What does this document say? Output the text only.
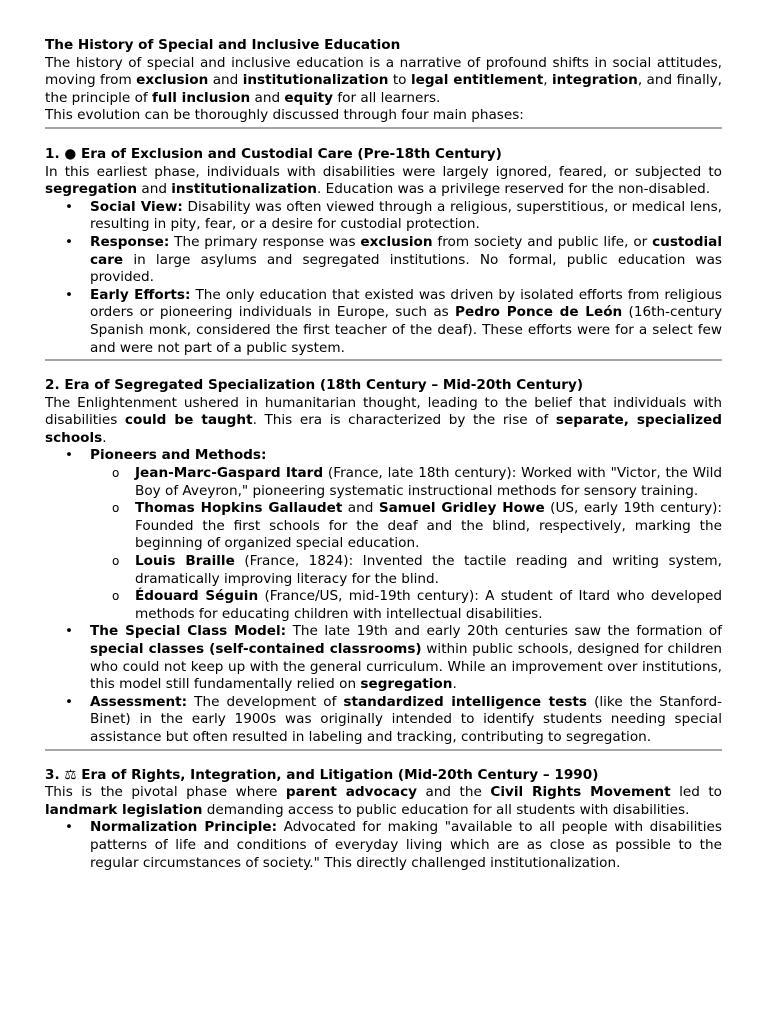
The History of Special and Inclusive Education

The history of special and inclusive education is a narrative of profound shifts in social attitudes, moving from exclusion and institutionalization to legal entitlement, integration, and finally, the principle of full inclusion and equity for all learners.

This evolution can be thoroughly discussed through four main phases:

1. ● Era of Exclusion and Custodial Care (Pre-18th Century)

In this earliest phase, individuals with disabilities were largely ignored, feared, or subjected to segregation and institutionalization. Education was a privilege reserved for the non-disabled.

• Social View: Disability was often viewed through a religious, superstitious, or medical lens, resulting in pity, fear, or a desire for custodial protection.
• Response: The primary response was exclusion from society and public life, or custodial care in large asylums and segregated institutions. No formal, public education was provided.
• Early Efforts: The only education that existed was driven by isolated efforts from religious orders or pioneering individuals in Europe, such as Pedro Ponce de León (16th-century Spanish monk, considered the first teacher of the deaf). These efforts were for a select few and were not part of a public system.

2. Era of Segregated Specialization (18th Century – Mid-20th Century)

The Enlightenment ushered in humanitarian thought, leading to the belief that individuals with disabilities could be taught. This era is characterized by the rise of separate, specialized schools.

• Pioneers and Methods:
o Jean-Marc-Gaspard Itard (France, late 18th century): Worked with "Victor, the Wild Boy of Aveyron," pioneering systematic instructional methods for sensory training.
o Thomas Hopkins Gallaudet and Samuel Gridley Howe (US, early 19th century): Founded the first schools for the deaf and the blind, respectively, marking the beginning of organized special education.
o Louis Braille (France, 1824): Invented the tactile reading and writing system, dramatically improving literacy for the blind.
o Édouard Séguin (France/US, mid-19th century): A student of Itard who developed methods for educating children with intellectual disabilities.
• The Special Class Model: The late 19th and early 20th centuries saw the formation of special classes (self-contained classrooms) within public schools, designed for children who could not keep up with the general curriculum. While an improvement over institutions, this model still fundamentally relied on segregation.
• Assessment: The development of standardized intelligence tests (like the Stanford-Binet) in the early 1900s was originally intended to identify students needing special assistance but often resulted in labeling and tracking, contributing to segregation.

3. ⚖ Era of Rights, Integration, and Litigation (Mid-20th Century – 1990)

This is the pivotal phase where parent advocacy and the Civil Rights Movement led to landmark legislation demanding access to public education for all students with disabilities.

• Normalization Principle: Advocated for making "available to all people with disabilities patterns of life and conditions of everyday living which are as close as possible to the regular circumstances of society." This directly challenged institutionalization.
